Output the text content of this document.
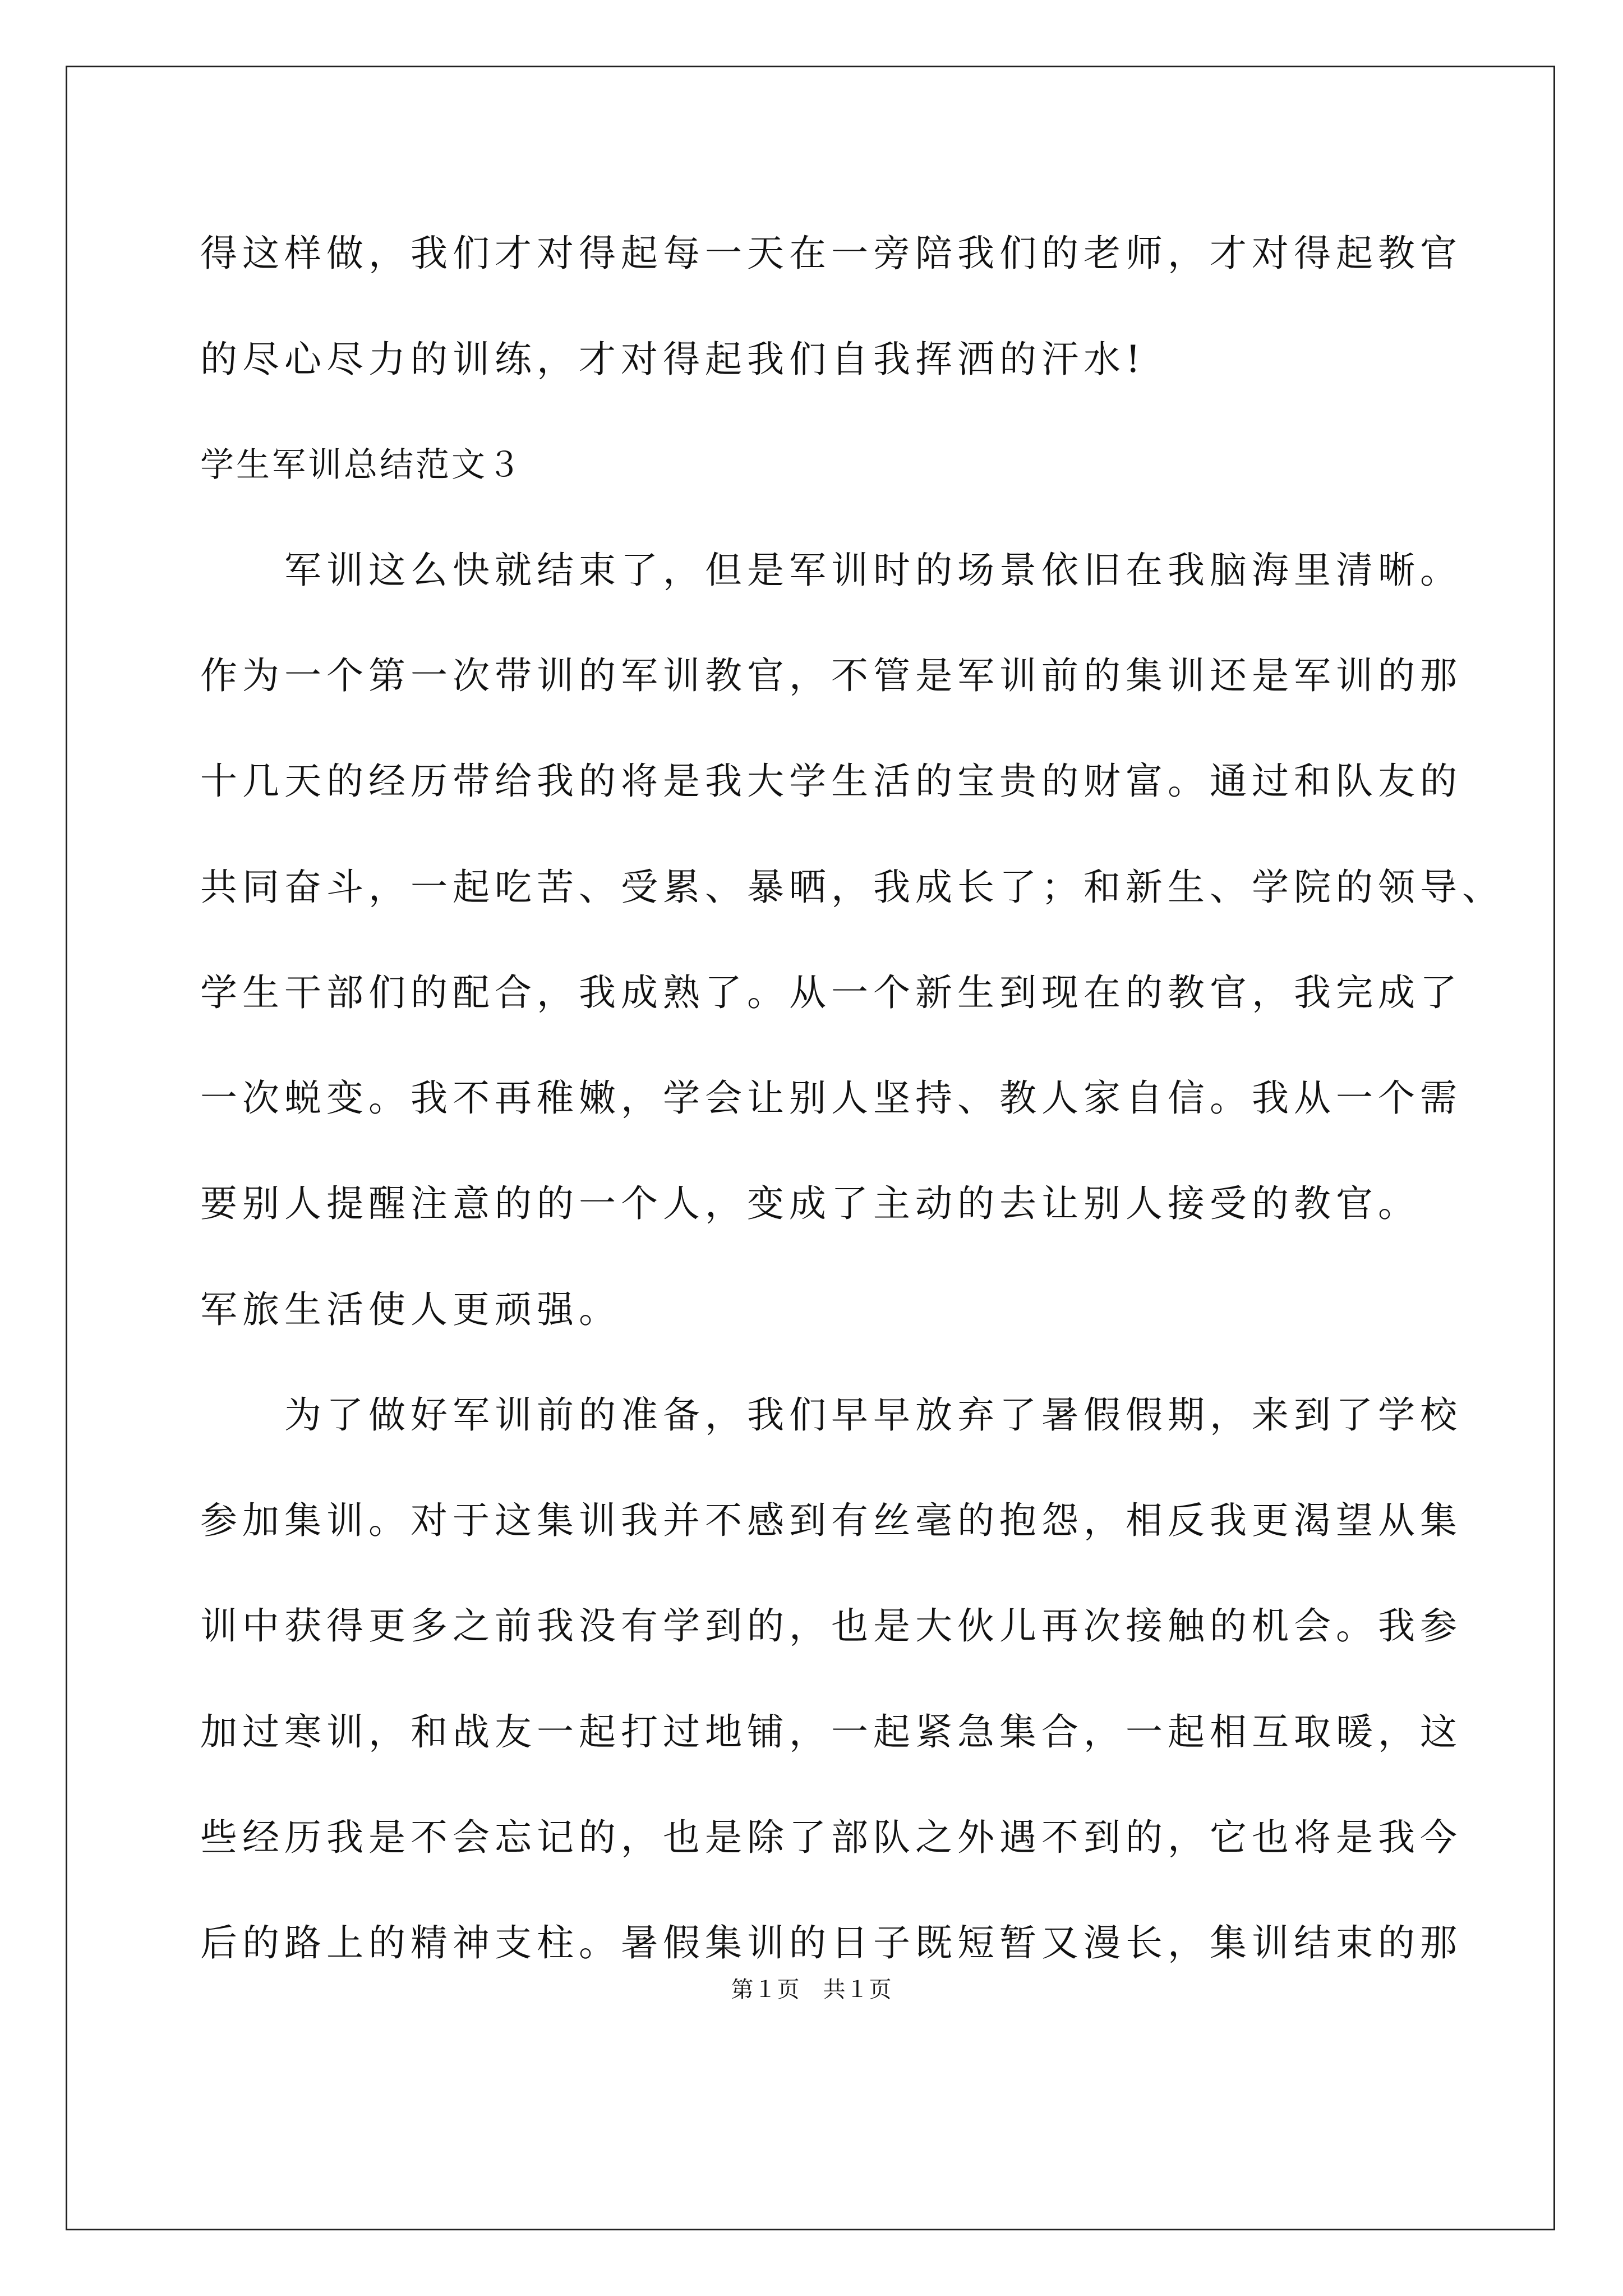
得这样做，我们才对得起每一天在一旁陪我们的老师，才对得起教官
的尽心尽力的训练，才对得起我们自我挥洒的汗水!
学生军训总结范文３
　　军训这么快就结束了，但是军训时的场景依旧在我脑海里清晰。
作为一个第一次带训的军训教官，不管是军训前的集训还是军训的那
十几天的经历带给我的将是我大学生活的宝贵的财富。通过和队友的
共同奋斗，一起吃苦、受累、暴晒，我成长了；和新生、学院的领导、
学生干部们的配合，我成熟了。从一个新生到现在的教官，我完成了
一次蜕变。我不再稚嫩，学会让别人坚持、教人家自信。我从一个需
要别人提醒注意的的一个人，变成了主动的去让别人接受的教官。
军旅生活使人更顽强。
　　为了做好军训前的准备，我们早早放弃了暑假假期，来到了学校
参加集训。对于这集训我并不感到有丝毫的抱怨，相反我更渴望从集
训中获得更多之前我没有学到的，也是大伙儿再次接触的机会。我参
加过寒训，和战友一起打过地铺，一起紧急集合，一起相互取暖，这
些经历我是不会忘记的，也是除了部队之外遇不到的，它也将是我今
后的路上的精神支柱。暑假集训的日子既短暂又漫长，集训结束的那
第１页　共１页
